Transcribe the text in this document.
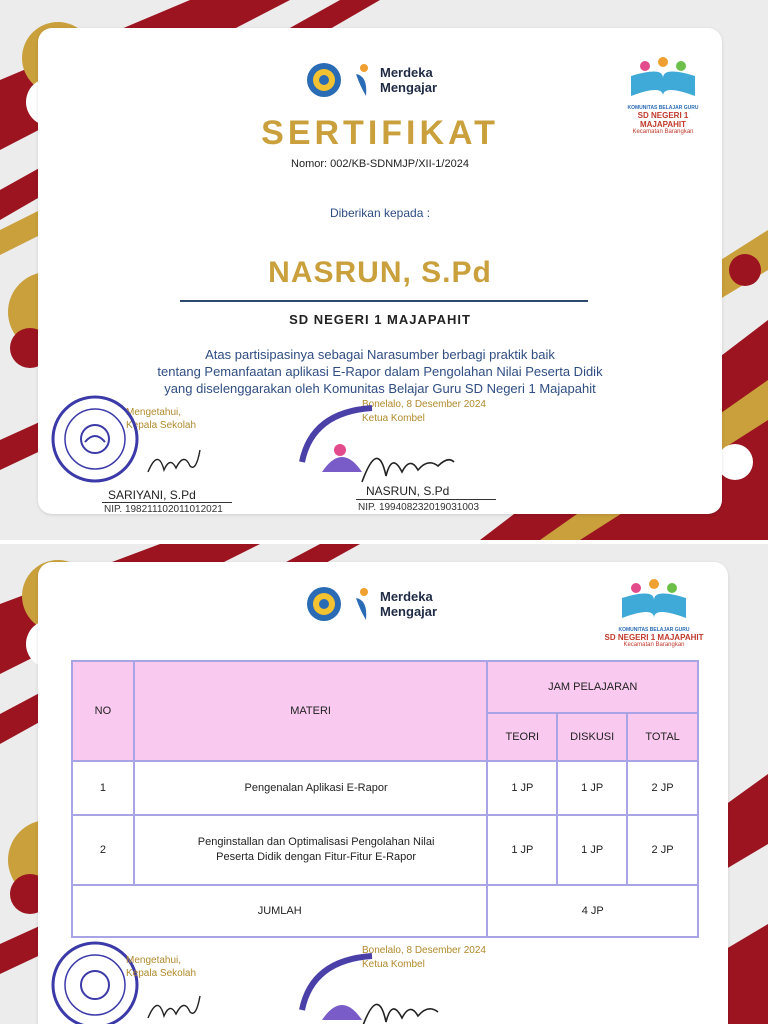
Merdeka
Mengajar
KOMUNITAS BELAJAR GURU
SD NEGERI 1 MAJAPAHIT
Kecamatan Barangkan
SERTIFIKAT
Nomor: 002/KB-SDNMJP/XII-1/2024
Diberikan kepada :
NASRUN, S.Pd
SD NEGERI 1 MAJAPAHIT
Atas partisipasinya sebagai Narasumber berbagi praktik baik
tentang Pemanfaatan aplikasi E-Rapor dalam Pengolahan Nilai Peserta Didik
yang diselenggarakan oleh Komunitas Belajar Guru SD Negeri 1 Majapahit
Mengetahui,
Kepala Sekolah
SARIYANI, S.Pd
NIP. 198211102011012021
Bonelalo, 8 Desember 2024
Ketua Kombel
NASRUN, S.Pd
NIP. 199408232019031003
Merdeka
Mengajar
KOMUNITAS BELAJAR GURU
SD NEGERI 1 MAJAPAHIT
Kecamatan Barangkan
Mengetahui,
Kepala Sekolah
Bonelalo, 8 Desember 2024
Ketua Kombel
NO	MATERI	JAM PELAJARAN		
		TEORI	DISKUSI	TOTAL
1	Pengenalan Aplikasi E-Rapor	1 JP	1 JP	2 JP
2	Penginstallan dan Optimalisasi Pengolahan Nilai
Peserta Didik dengan Fitur-Fitur E-Rapor	1 JP	1 JP	2 JP
JUMLAH		4 JP		
